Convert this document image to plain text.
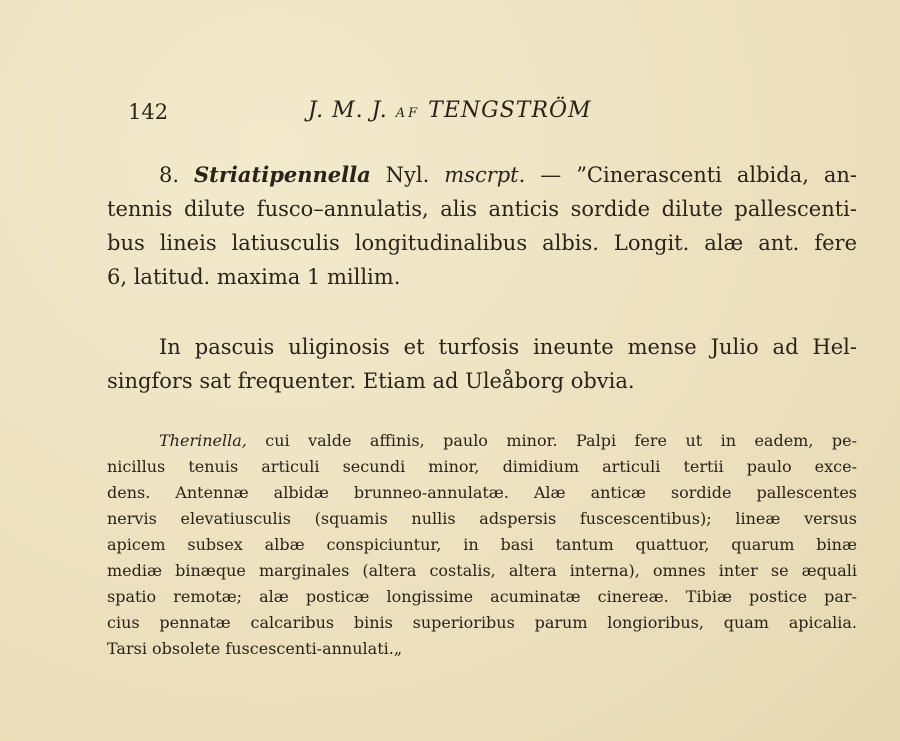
142	J. M. J. AF TENGSTRÖM
8. Striatipennella Nyl. mscrpt. — ”Cinerascenti albida, an-
tennis dilute fusco–annulatis, alis anticis sordide dilute pallescenti-
bus lineis latiusculis longitudinalibus albis. Longit. alæ ant. fere
6, latitud. maxima 1 millim.
In pascuis uliginosis et turfosis ineunte mense Julio ad Hel-
singfors sat frequenter. Etiam ad Uleåborg obvia.
Therinella, cui valde affinis, paulo minor. Palpi fere ut in eadem, pe-
nicillus tenuis articuli secundi minor, dimidium articuli tertii paulo exce-
dens. Antennæ albidæ brunneo-annulatæ. Alæ anticæ sordide pallescentes
nervis elevatiusculis (squamis nullis adspersis fuscescentibus); lineæ versus
apicem subsex albæ conspiciuntur, in basi tantum quattuor, quarum binæ
mediæ binæque marginales (altera costalis, altera interna), omnes inter se æquali
spatio remotæ; alæ posticæ longissime acuminatæ cinereæ. Tibiæ postice par-
cius pennatæ calcaribus binis superioribus parum longioribus, quam apicalia.
Tarsi obsolete fuscescenti-annulati.„
